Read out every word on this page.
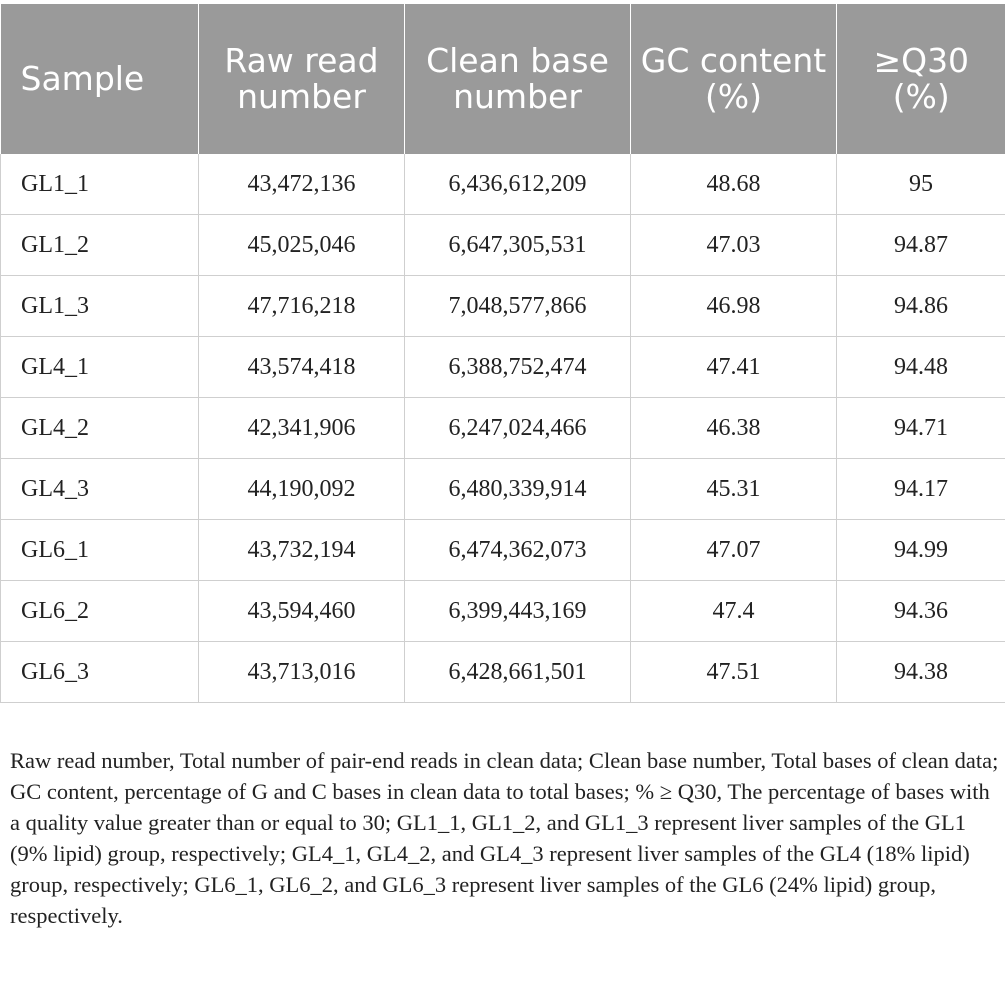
Sample	Raw read number	Clean base number	GC content (%)	≥Q30 (%)
GL1_1	43,472,136	6,436,612,209	48.68	95
GL1_2	45,025,046	6,647,305,531	47.03	94.87
GL1_3	47,716,218	7,048,577,866	46.98	94.86
GL4_1	43,574,418	6,388,752,474	47.41	94.48
GL4_2	42,341,906	6,247,024,466	46.38	94.71
GL4_3	44,190,092	6,480,339,914	45.31	94.17
GL6_1	43,732,194	6,474,362,073	47.07	94.99
GL6_2	43,594,460	6,399,443,169	47.4	94.36
GL6_3	43,713,016	6,428,661,501	47.51	94.38

Raw read number, Total number of pair-end reads in clean data; Clean base number, Total bases of clean data; GC content, percentage of G and C bases in clean data to total bases; % ≥ Q30, The percentage of bases with a quality value greater than or equal to 30; GL1_1, GL1_2, and GL1_3 represent liver samples of the GL1 (9% lipid) group, respectively; GL4_1, GL4_2, and GL4_3 represent liver samples of the GL4 (18% lipid) group, respectively; GL6_1, GL6_2, and GL6_3 represent liver samples of the GL6 (24% lipid) group, respectively.
